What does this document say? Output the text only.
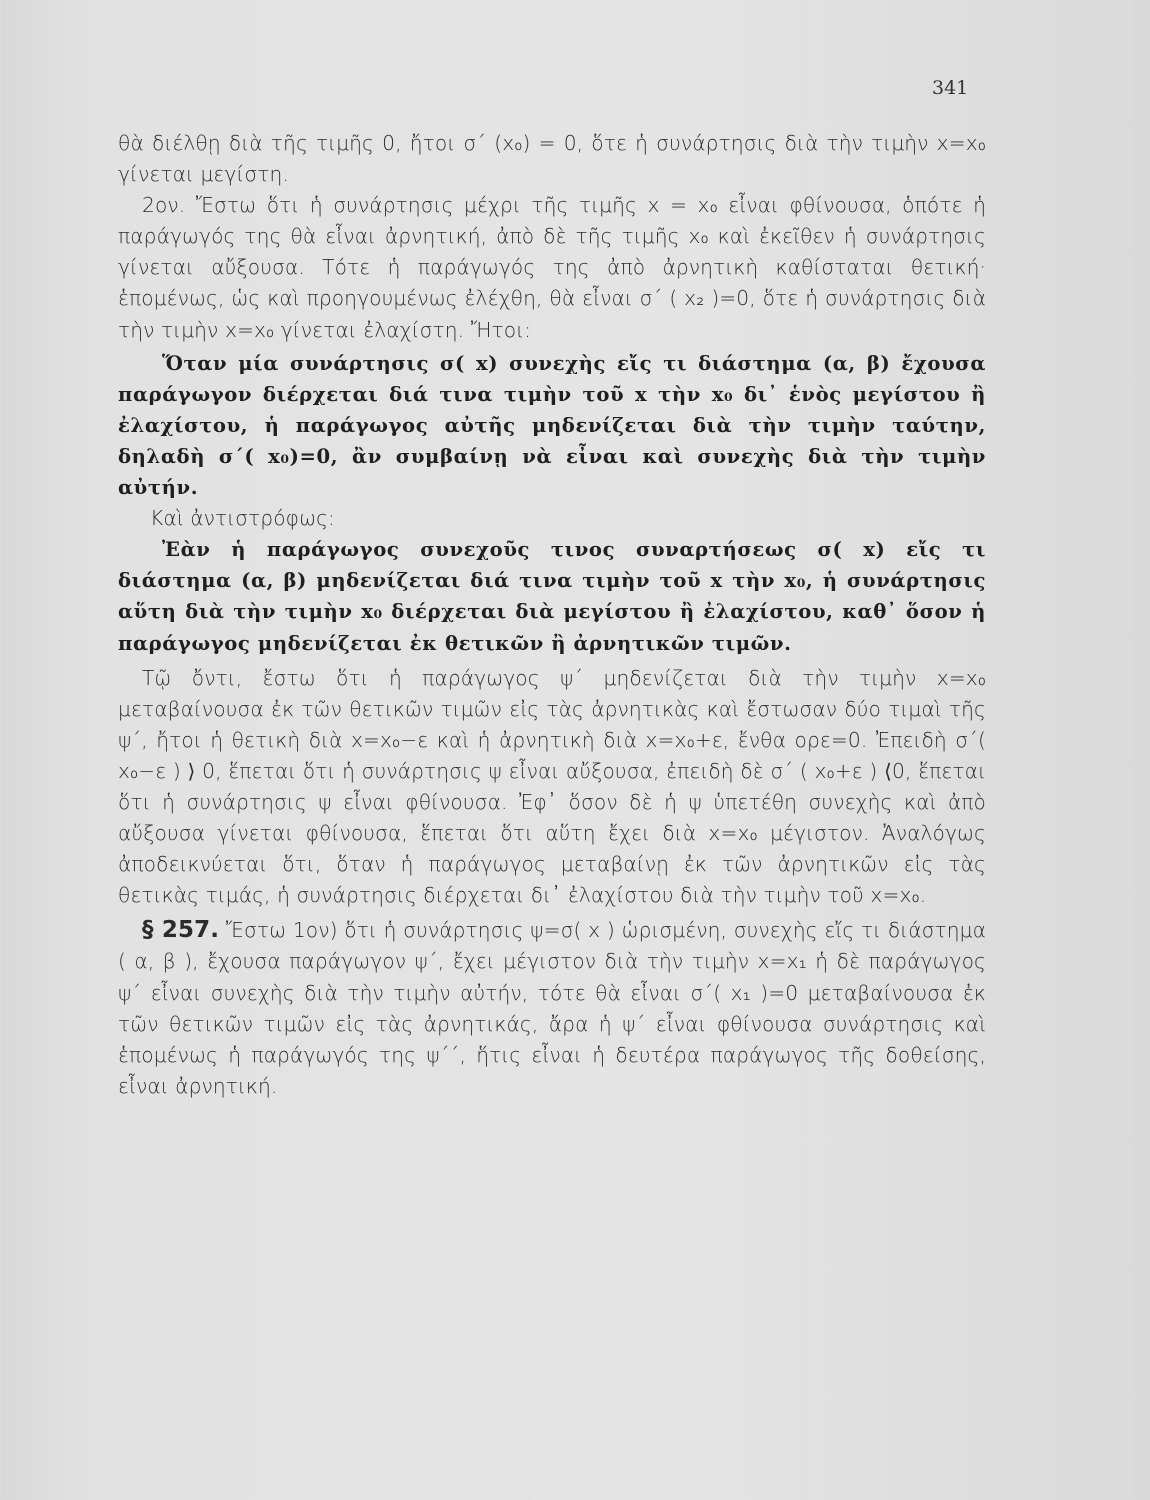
341

θὰ διέλθῃ διὰ τῆς τιμῆς 0, ἤτοι σ΄ (x₀) = 0, ὅτε ἡ συνάρτησις διὰ τὴν τιμὴν x=x₀ γίνεται μεγίστη.

2ον. Ἔστω ὅτι ἡ συνάρτησις μέχρι τῆς τιμῆς x = x₀ εἶναι φθίνουσα, ὁπότε ἡ παράγωγός της θὰ εἶναι ἀρνητική, ἀπὸ δὲ τῆς τιμῆς x₀ καὶ ἐκεῖθεν ἡ συνάρτησις γίνεται αὔξουσα. Τότε ἡ παράγωγός της ἀπὸ ἀρνητικὴ καθίσταται θετική· ἑπομένως, ὡς καὶ προηγουμένως ἐλέχθη, θὰ εἶναι σ΄ ( x₂ )=0, ὅτε ἡ συνάρτησις διὰ τὴν τιμὴν x=x₀ γίνεται ἐλαχίστη. Ἤτοι:

Ὅταν μία συνάρτησις σ( x) συνεχὴς εἴς τι διάστημα (α, β) ἔχουσα παράγωγον διέρχεται διά τινα τιμὴν τοῦ x τὴν x₀ δι᾿ ἑνὸς μεγίστου ἢ ἐλαχίστου, ἡ παράγωγος αὐτῆς μηδενίζεται διὰ τὴν τιμὴν ταύτην, δηλαδὴ σ΄( x₀)=0, ἂν συμβαίνῃ νὰ εἶναι καὶ συνεχὴς διὰ τὴν τιμὴν αὐτήν.

Καὶ ἀντιστρόφως:

Ἐὰν ἡ παράγωγος συνεχοῦς τινος συναρτήσεως σ( x) εἴς τι διάστημα (α, β) μηδενίζεται διά τινα τιμὴν τοῦ x τὴν x₀, ἡ συνάρτησις αὕτη διὰ τὴν τιμὴν x₀ διέρχεται διὰ μεγίστου ἢ ἐλαχίστου, καθ᾿ ὅσον ἡ παράγωγος μηδενίζεται ἐκ θετικῶν ἢ ἀρνητικῶν τιμῶν.

Τῷ ὄντι, ἔστω ὅτι ἡ παράγωγος ψ΄ μηδενίζεται διὰ τὴν τιμὴν x=x₀ μεταβαίνουσα ἐκ τῶν θετικῶν τιμῶν εἰς τὰς ἀρνητικὰς καὶ ἔστωσαν δύο τιμαὶ τῆς ψ΄, ἤτοι ἡ θετικὴ διὰ x=x₀−ε καὶ ἡ ἀρνητικὴ διὰ x=x₀+ε, ἔνθα ορε=0. Ἐπειδὴ σ΄( x₀−ε ) ⟩ 0, ἕπεται ὅτι ἡ συνάρτησις ψ εἶναι αὔξουσα, ἐπειδὴ δὲ σ΄ ( x₀+ε ) ⟨0, ἕπεται ὅτι ἡ συνάρτησις ψ εἶναι φθίνουσα. Ἐφ᾿ ὅσον δὲ ἡ ψ ὑπετέθη συνεχὴς καὶ ἀπὸ αὔξουσα γίνεται φθίνουσα, ἕπεται ὅτι αὕτη ἔχει διὰ x=x₀ μέγιστον. Ἀναλόγως ἀποδεικνύεται ὅτι, ὅταν ἡ παράγωγος μεταβαίνῃ ἐκ τῶν ἀρνητικῶν εἰς τὰς θετικὰς τιμάς, ἡ συνάρτησις διέρχεται δι᾿ ἐλαχίστου διὰ τὴν τιμὴν τοῦ x=x₀.

§ 257. Ἔστω 1ον) ὅτι ἡ συνάρτησις ψ=σ( x ) ὡρισμένη, συνεχὴς εἴς τι διάστημα ( α, β ), ἔχουσα παράγωγον ψ΄, ἔχει μέγιστον διὰ τὴν τιμὴν x=x₁ ἡ δὲ παράγωγος ψ΄ εἶναι συνεχὴς διὰ τὴν τιμὴν αὐτήν, τότε θὰ εἶναι σ΄( x₁ )=0 μεταβαίνουσα ἐκ τῶν θετικῶν τιμῶν εἰς τὰς ἀρνητικάς, ἄρα ἡ ψ΄ εἶναι φθίνουσα συνάρτησις καὶ ἑπομένως ἡ παράγωγός της ψ΄΄, ἥτις εἶναι ἡ δευτέρα παράγωγος τῆς δοθείσης, εἶναι ἀρνητική.
